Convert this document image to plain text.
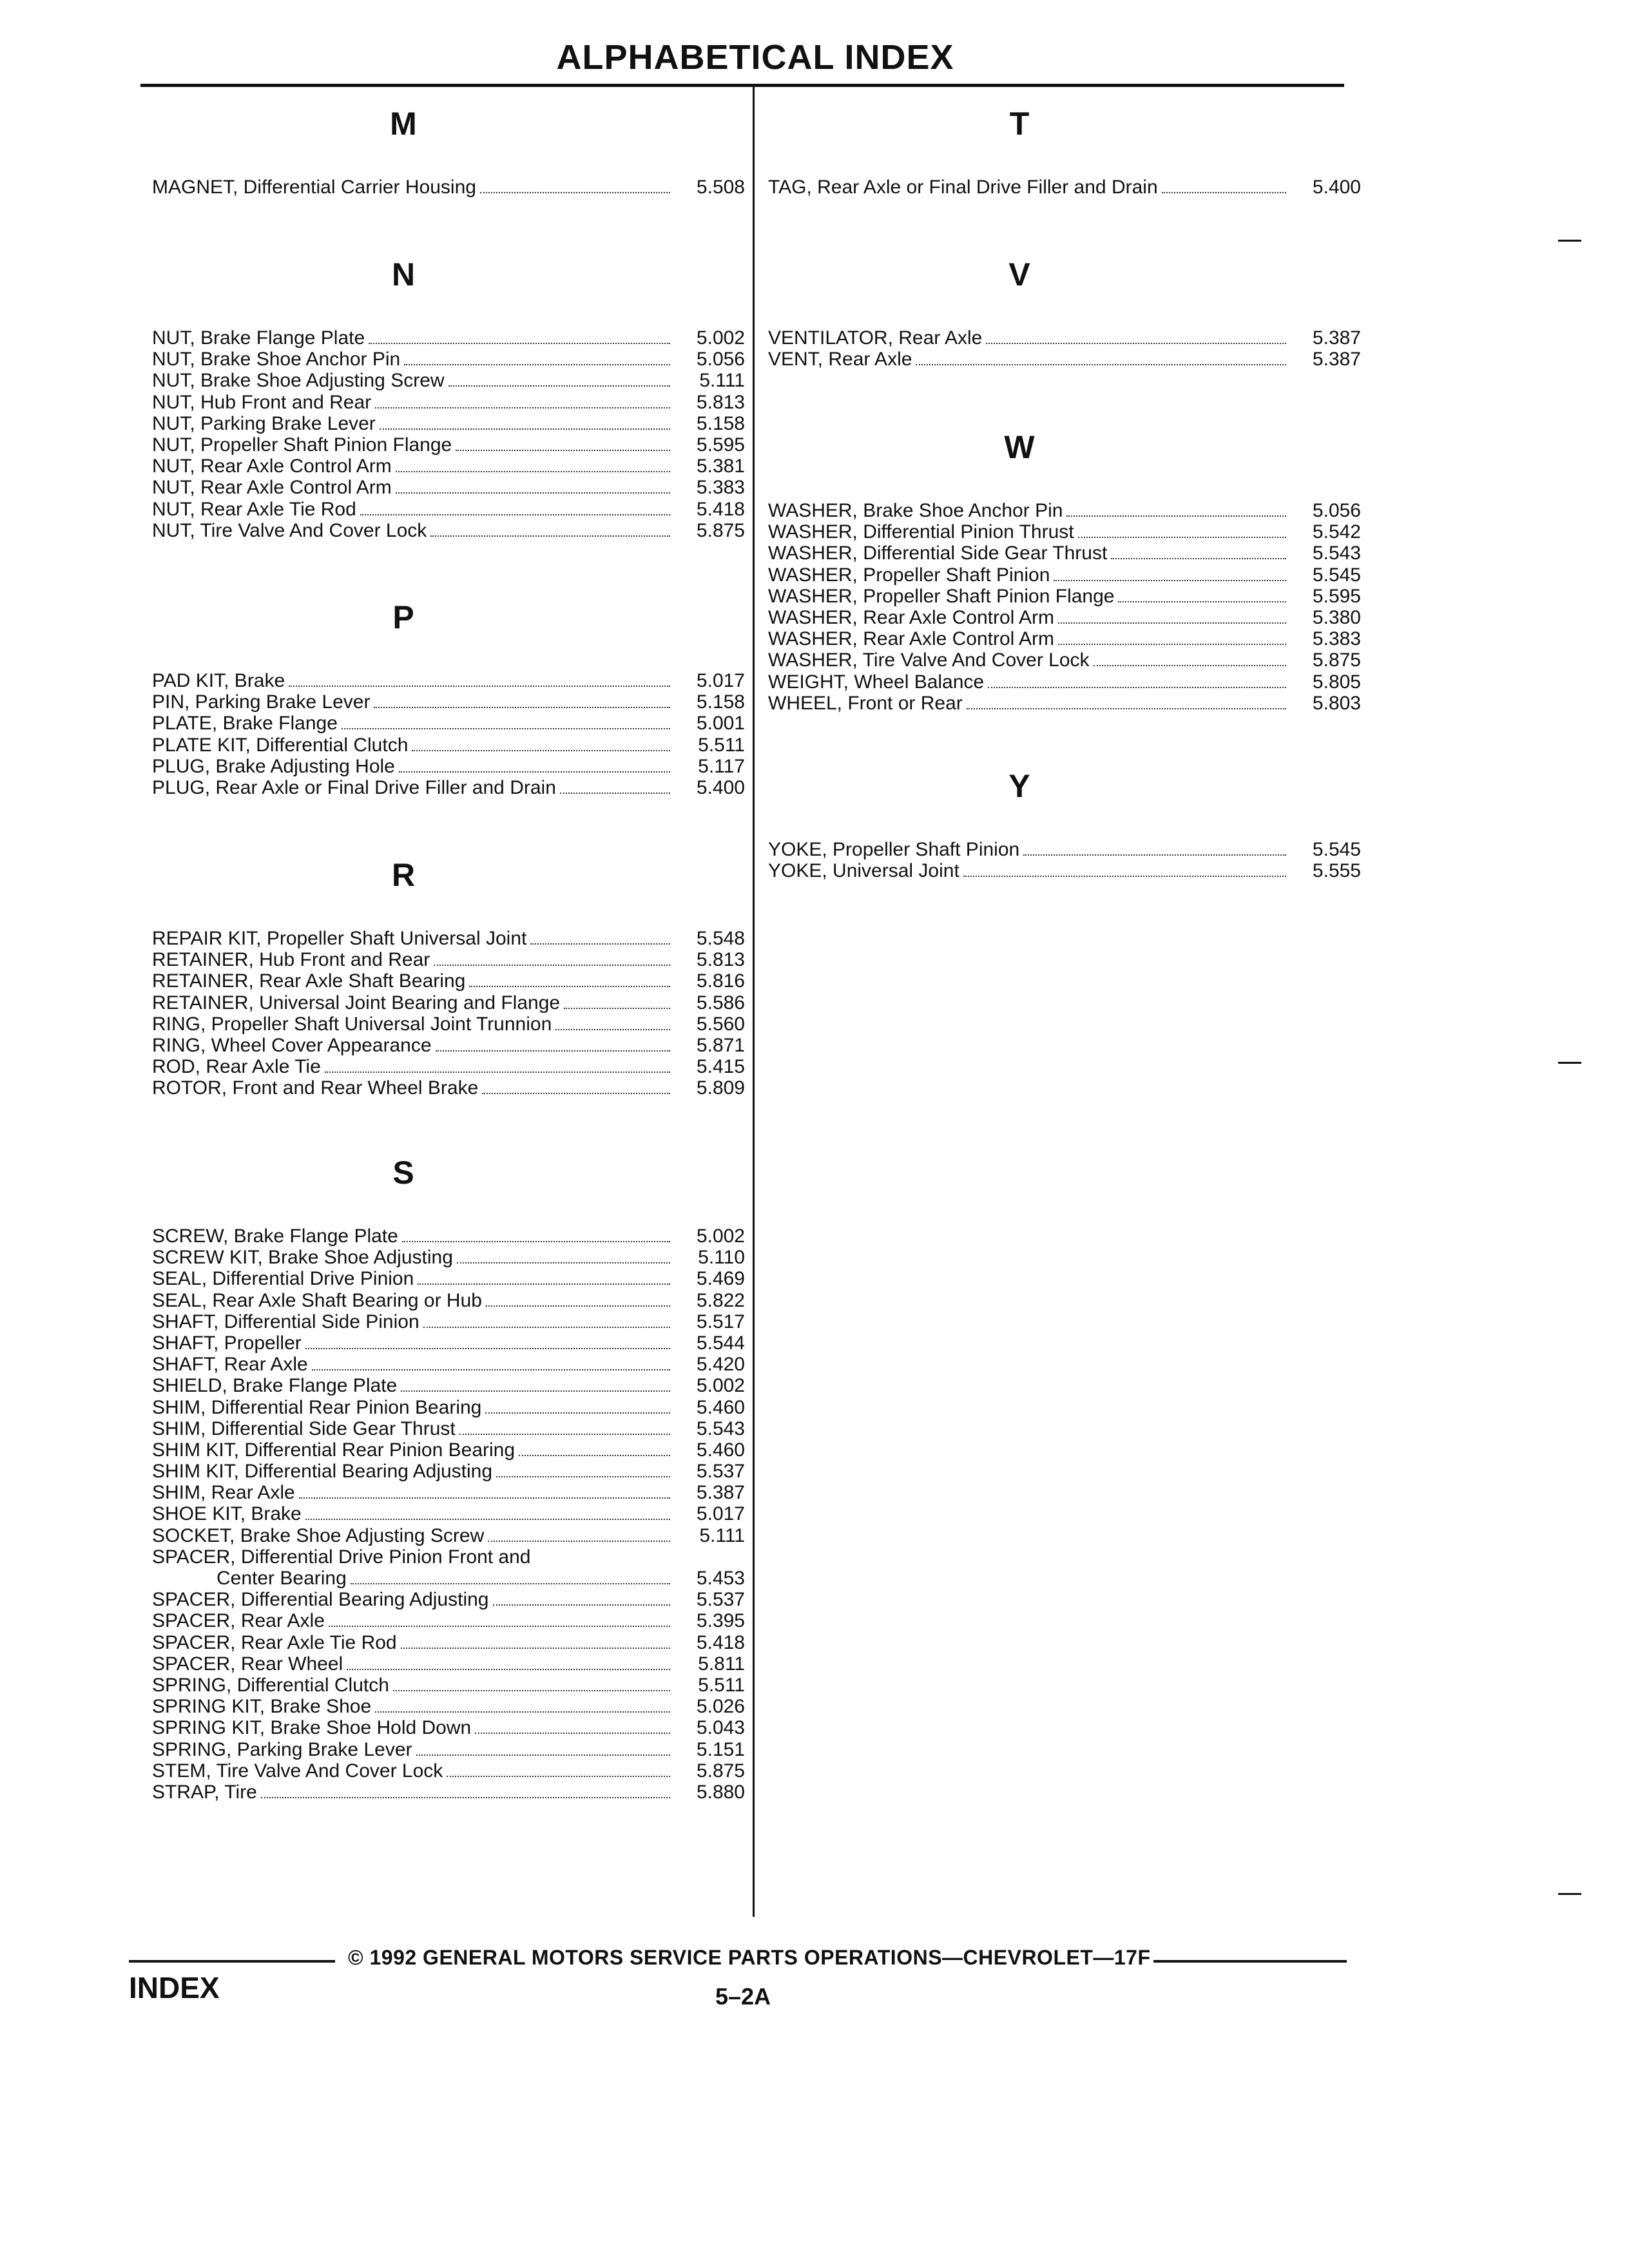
ALPHABETICAL INDEX
M
MAGNET, Differential Carrier Housing	5.508
N
NUT, Brake Flange Plate	5.002
NUT, Brake Shoe Anchor Pin	5.056
NUT, Brake Shoe Adjusting Screw	5.111
NUT, Hub Front and Rear	5.813
NUT, Parking Brake Lever	5.158
NUT, Propeller Shaft Pinion Flange	5.595
NUT, Rear Axle Control Arm	5.381
NUT, Rear Axle Control Arm	5.383
NUT, Rear Axle Tie Rod	5.418
NUT, Tire Valve And Cover Lock	5.875
P
PAD KIT, Brake	5.017
PIN, Parking Brake Lever	5.158
PLATE, Brake Flange	5.001
PLATE KIT, Differential Clutch	5.511
PLUG, Brake Adjusting Hole	5.117
PLUG, Rear Axle or Final Drive Filler and Drain	5.400
R
REPAIR KIT, Propeller Shaft Universal Joint	5.548
RETAINER, Hub Front and Rear	5.813
RETAINER, Rear Axle Shaft Bearing	5.816
RETAINER, Universal Joint Bearing and Flange	5.586
RING, Propeller Shaft Universal Joint Trunnion	5.560
RING, Wheel Cover Appearance	5.871
ROD, Rear Axle Tie	5.415
ROTOR, Front and Rear Wheel Brake	5.809
S
SCREW, Brake Flange Plate	5.002
SCREW KIT, Brake Shoe Adjusting	5.110
SEAL, Differential Drive Pinion	5.469
SEAL, Rear Axle Shaft Bearing or Hub	5.822
SHAFT, Differential Side Pinion	5.517
SHAFT, Propeller	5.544
SHAFT, Rear Axle	5.420
SHIELD, Brake Flange Plate	5.002
SHIM, Differential Rear Pinion Bearing	5.460
SHIM, Differential Side Gear Thrust	5.543
SHIM KIT, Differential Rear Pinion Bearing	5.460
SHIM KIT, Differential Bearing Adjusting	5.537
SHIM, Rear Axle	5.387
SHOE KIT, Brake	5.017
SOCKET, Brake Shoe Adjusting Screw	5.111
SPACER, Differential Drive Pinion Front and
Center Bearing	5.453
SPACER, Differential Bearing Adjusting	5.537
SPACER, Rear Axle	5.395
SPACER, Rear Axle Tie Rod	5.418
SPACER, Rear Wheel	5.811
SPRING, Differential Clutch	5.511
SPRING KIT, Brake Shoe	5.026
SPRING KIT, Brake Shoe Hold Down	5.043
SPRING, Parking Brake Lever	5.151
STEM, Tire Valve And Cover Lock	5.875
STRAP, Tire	5.880
T
TAG, Rear Axle or Final Drive Filler and Drain	5.400
V
VENTILATOR, Rear Axle	5.387
VENT, Rear Axle	5.387
W
WASHER, Brake Shoe Anchor Pin	5.056
WASHER, Differential Pinion Thrust	5.542
WASHER, Differential Side Gear Thrust	5.543
WASHER, Propeller Shaft Pinion	5.545
WASHER, Propeller Shaft Pinion Flange	5.595
WASHER, Rear Axle Control Arm	5.380
WASHER, Rear Axle Control Arm	5.383
WASHER, Tire Valve And Cover Lock	5.875
WEIGHT, Wheel Balance	5.805
WHEEL, Front or Rear	5.803
Y
YOKE, Propeller Shaft Pinion	5.545
YOKE, Universal Joint	5.555
© 1992 GENERAL MOTORS SERVICE PARTS OPERATIONS—CHEVROLET—17F
INDEX	5–2A
